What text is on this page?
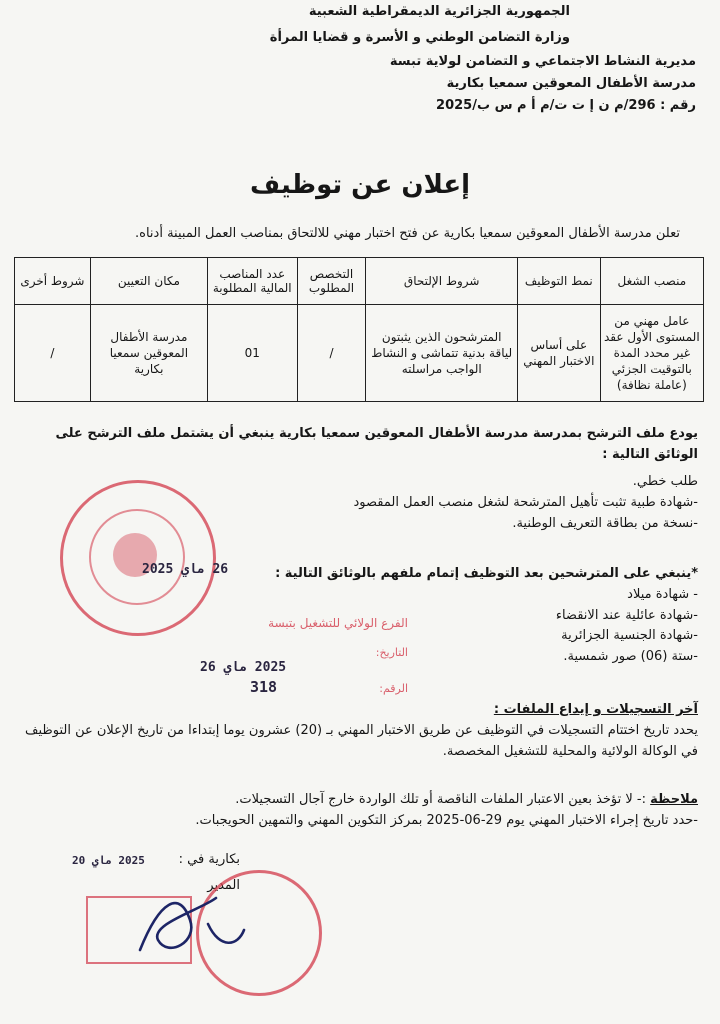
الجمهورية الجزائرية الديمقراطية الشعبية
وزارة التضامن الوطني و الأسرة و قضايا المرأة
مديرية النشاط الاجتماعي و التضامن لولاية تبسة
مدرسة الأطفال المعوقين سمعيا بكارية
رقم : 296/م ن إ ت ت/م أ م س ب/2025
إعلان عن توظيف
تعلن مدرسة الأطفال المعوقين سمعيا بكارية عن فتح اختبار مهني للالتحاق بمناصب العمل المبينة أدناه.
منصب الشغل	نمط التوظيف	شروط الإلتحاق	التخصص المطلوب	عدد المناصب المالية المطلوبة	مكان التعيين	شروط أخرى
عامل مهني من المستوى الأول عقد غير محدد المدة بالتوقيت الجزئي (عاملة نظافة)	على أساس الاختبار المهني	المترشحون الذين يثبتون لياقة بدنية تتماشى و النشاط الواجب مراسلته	/	01	مدرسة الأطفال المعوقين سمعيا بكارية	/
يودع ملف الترشح بمدرسة مدرسة الأطفال المعوقين سمعيا بكارية ينبغي أن يشتمل ملف الترشح على الوثائق التالية :
طلب خطي.
-شهادة طبية تثبت تأهيل المترشحة لشغل منصب العمل المقصود
-نسخة من بطاقة التعريف الوطنية.
*ينبغي على المترشحين بعد التوظيف إتمام ملفهم بالوثائق التالية :
- شهادة ميلاد
-شهادة عائلية عند الانقضاء
-شهادة الجنسية الجزائرية
-ستة (06) صور شمسية.
آخر التسجيلات و إيداع الملفات :
يحدد تاريخ اختتام التسجيلات في التوظيف عن طريق الاختبار المهني بـ (20) عشرون يوما إبتداءا من تاريخ الإعلان عن التوظيف في الوكالة الولائية والمحلية للتشغيل المخصصة.
ملاحظة :- لا تؤخذ بعين الاعتبار الملفات الناقصة أو تلك الواردة خارج آجال التسجيلات.
-حدد تاريخ إجراء الاختبار المهني يوم 29-06-2025 بمركز التكوين المهني والتمهين الحويجبات.
بكارية في :
2025 ماي 20
المدير
26 ماي 2025
الفرع الولائي للتشغيل بتبسة
التاريخ:
2025 ماي 26
الرقم:
318
